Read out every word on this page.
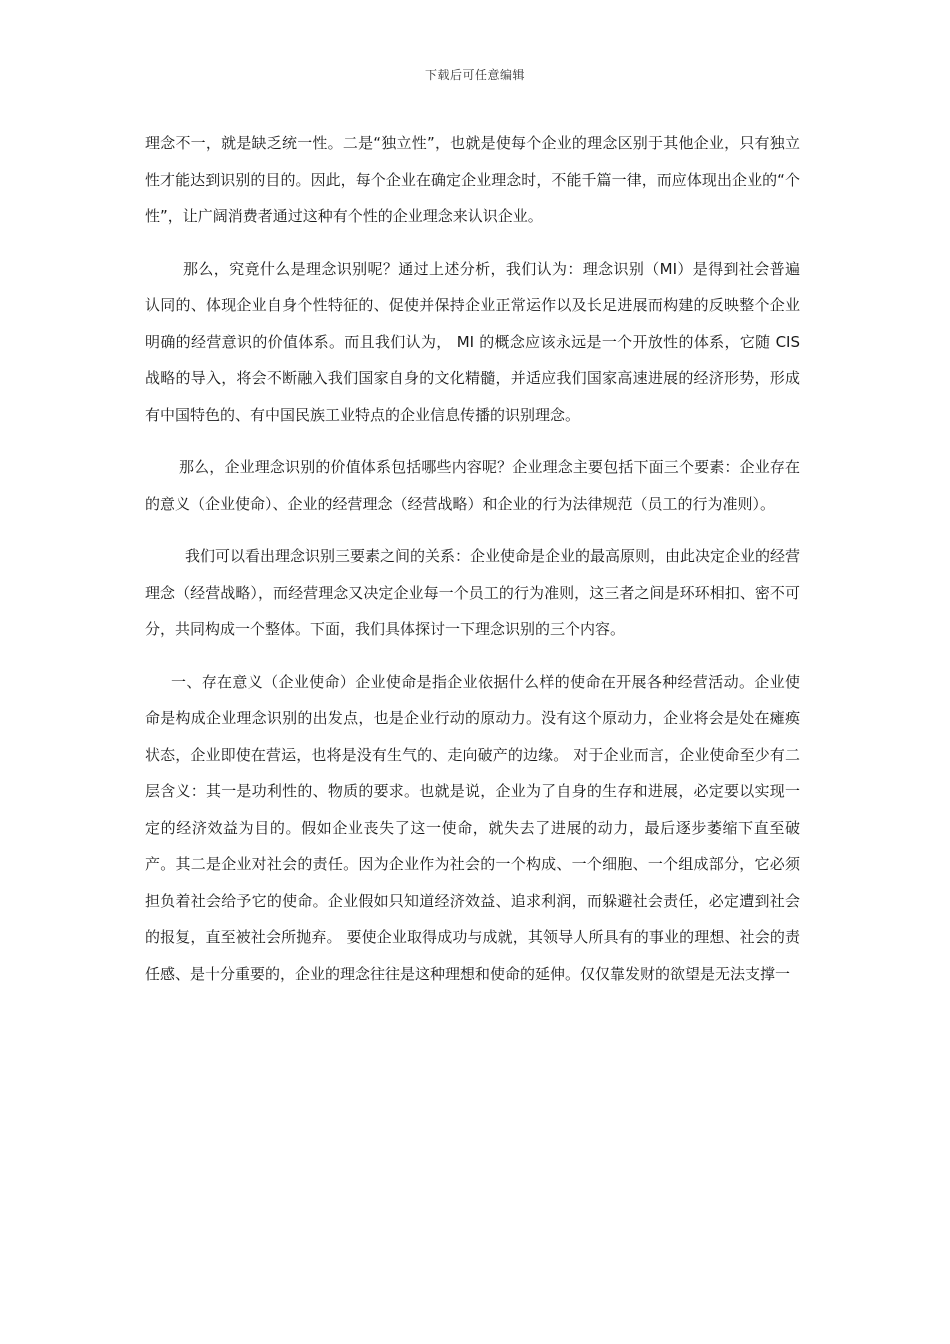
下载后可任意编辑

理念不一，就是缺乏统一性。二是“独立性”，也就是使每个企业的理念区别于其他企业，只有独立性才能达到识别的目的。因此，每个企业在确定企业理念时，不能千篇一律，而应体现出企业的“个性”，让广阔消费者通过这种有个性的企业理念来认识企业。

那么，究竟什么是理念识别呢？通过上述分析，我们认为：理念识别（MI）是得到社会普遍认同的、体现企业自身个性特征的、促使并保持企业正常运作以及长足进展而构建的反映整个企业明确的经营意识的价值体系。而且我们认为， MI 的概念应该永远是一个开放性的体系，它随 CIS 战略的导入，将会不断融入我们国家自身的文化精髓，并适应我们国家高速进展的经济形势，形成有中国特色的、有中国民族工业特点的企业信息传播的识别理念。

那么，企业理念识别的价值体系包括哪些内容呢？企业理念主要包括下面三个要素：企业存在的意义（企业使命）、企业的经营理念（经营战略）和企业的行为法律规范（员工的行为准则）。

我们可以看出理念识别三要素之间的关系：企业使命是企业的最高原则，由此决定企业的经营理念（经营战略），而经营理念又决定企业每一个员工的行为准则，这三者之间是环环相扣、密不可分，共同构成一个整体。下面，我们具体探讨一下理念识别的三个内容。

一、存在意义（企业使命）企业使命是指企业依据什么样的使命在开展各种经营活动。企业使命是构成企业理念识别的出发点，也是企业行动的原动力。没有这个原动力，企业将会是处在瘫痪状态，企业即使在营运，也将是没有生气的、走向破产的边缘。 对于企业而言，企业使命至少有二层含义：其一是功利性的、物质的要求。也就是说，企业为了自身的生存和进展，必定要以实现一定的经济效益为目的。假如企业丧失了这一使命，就失去了进展的动力，最后逐步萎缩下直至破产。其二是企业对社会的责任。因为企业作为社会的一个构成、一个细胞、一个组成部分，它必须担负着社会给予它的使命。企业假如只知道经济效益、追求利润，而躲避社会责任，必定遭到社会的报复，直至被社会所抛弃。 要使企业取得成功与成就，其领导人所具有的事业的理想、社会的责任感、是十分重要的，企业的理念往往是这种理想和使命的延伸。仅仅靠发财的欲望是无法支撑一
